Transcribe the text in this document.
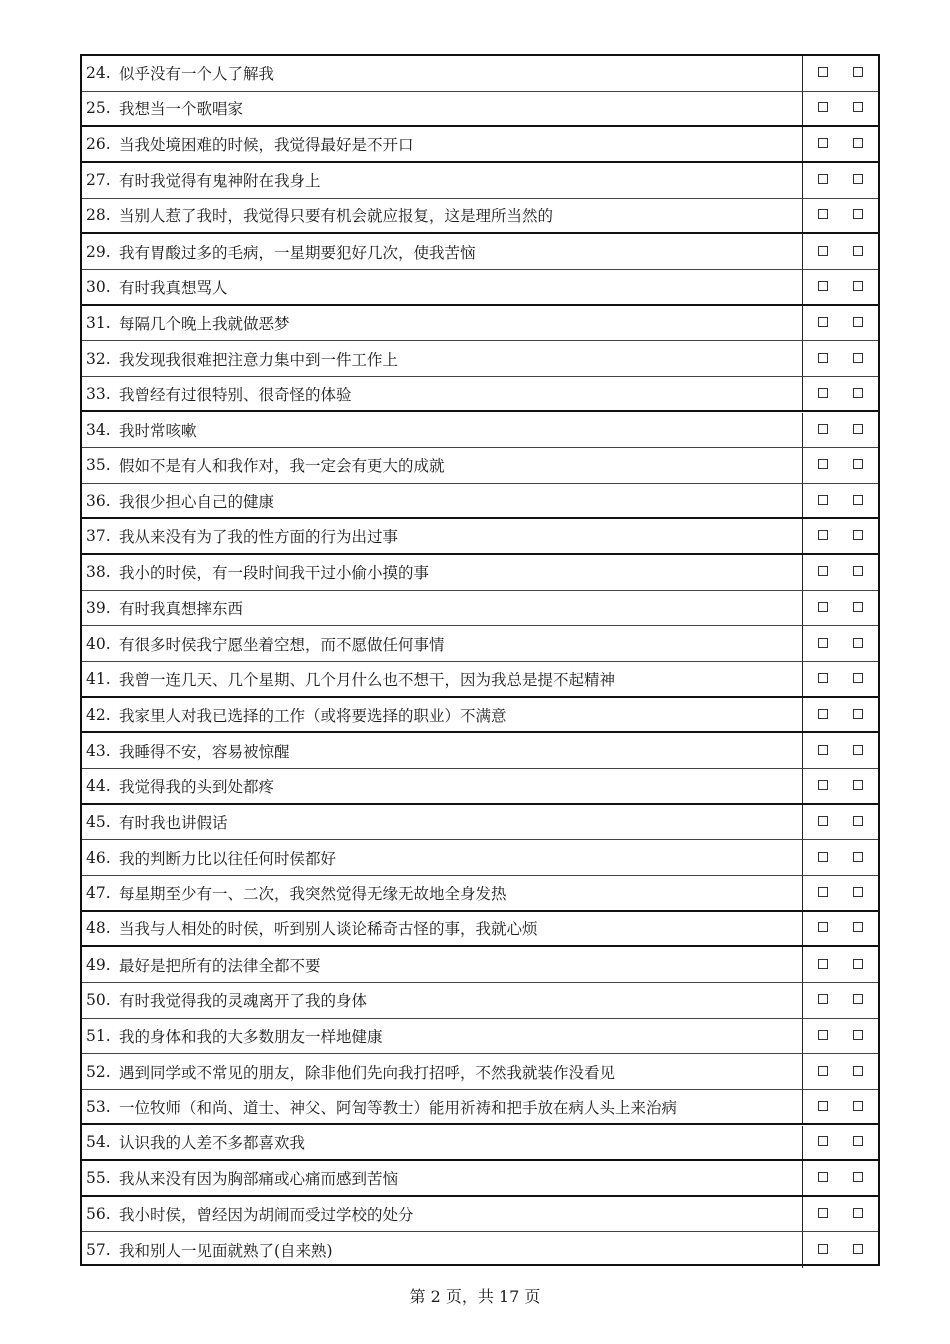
24. 似乎没有一个人了解我
25. 我想当一个歌唱家
26. 当我处境困难的时候，我觉得最好是不开口
27. 有时我觉得有鬼神附在我身上
28. 当别人惹了我时，我觉得只要有机会就应报复，这是理所当然的
29. 我有胃酸过多的毛病，一星期要犯好几次，使我苦恼
30. 有时我真想骂人
31. 每隔几个晚上我就做恶梦
32. 我发现我很难把注意力集中到一件工作上
33. 我曾经有过很特别、很奇怪的体验
34. 我时常咳嗽
35. 假如不是有人和我作对，我一定会有更大的成就
36. 我很少担心自己的健康
37. 我从来没有为了我的性方面的行为出过事
38. 我小的时侯，有一段时间我干过小偷小摸的事
39. 有时我真想摔东西
40. 有很多时侯我宁愿坐着空想，而不愿做任何事情
41. 我曾一连几天、几个星期、几个月什么也不想干，因为我总是提不起精神
42. 我家里人对我已选择的工作（或将要选择的职业）不满意
43. 我睡得不安，容易被惊醒
44. 我觉得我的头到处都疼
45. 有时我也讲假话
46. 我的判断力比以往任何时侯都好
47. 每星期至少有一、二次，我突然觉得无缘无故地全身发热
48. 当我与人相处的时侯，听到别人谈论稀奇古怪的事，我就心烦
49. 最好是把所有的法律全都不要
50. 有时我觉得我的灵魂离开了我的身体
51. 我的身体和我的大多数朋友一样地健康
52. 遇到同学或不常见的朋友，除非他们先向我打招呼，不然我就装作没看见
53. 一位牧师（和尚、道士、神父、阿訇等教士）能用祈祷和把手放在病人头上来治病
54. 认识我的人差不多都喜欢我
55. 我从来没有因为胸部痛或心痛而感到苦恼
56. 我小时侯，曾经因为胡闹而受过学校的处分
57. 我和别人一见面就熟了(自来熟)
第 2 页，共 17 页
